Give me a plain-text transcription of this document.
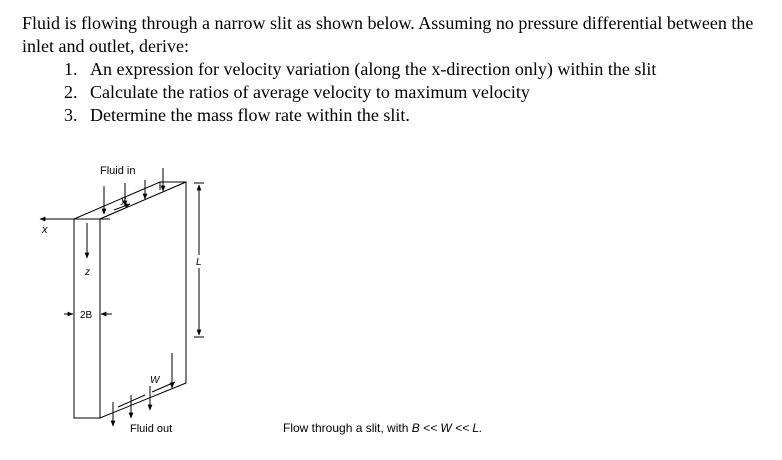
Fluid is flowing through a narrow slit as shown below. Assuming no pressure differential between the inlet and outlet, derive:

1. An expression for velocity variation (along the x-direction only) within the slit
2. Calculate the ratios of average velocity to maximum velocity
3. Determine the mass flow rate within the slit.
x
z
y
Fluid in
Fluid out
2B
L
W
Flow through a slit, with B << W << L.
